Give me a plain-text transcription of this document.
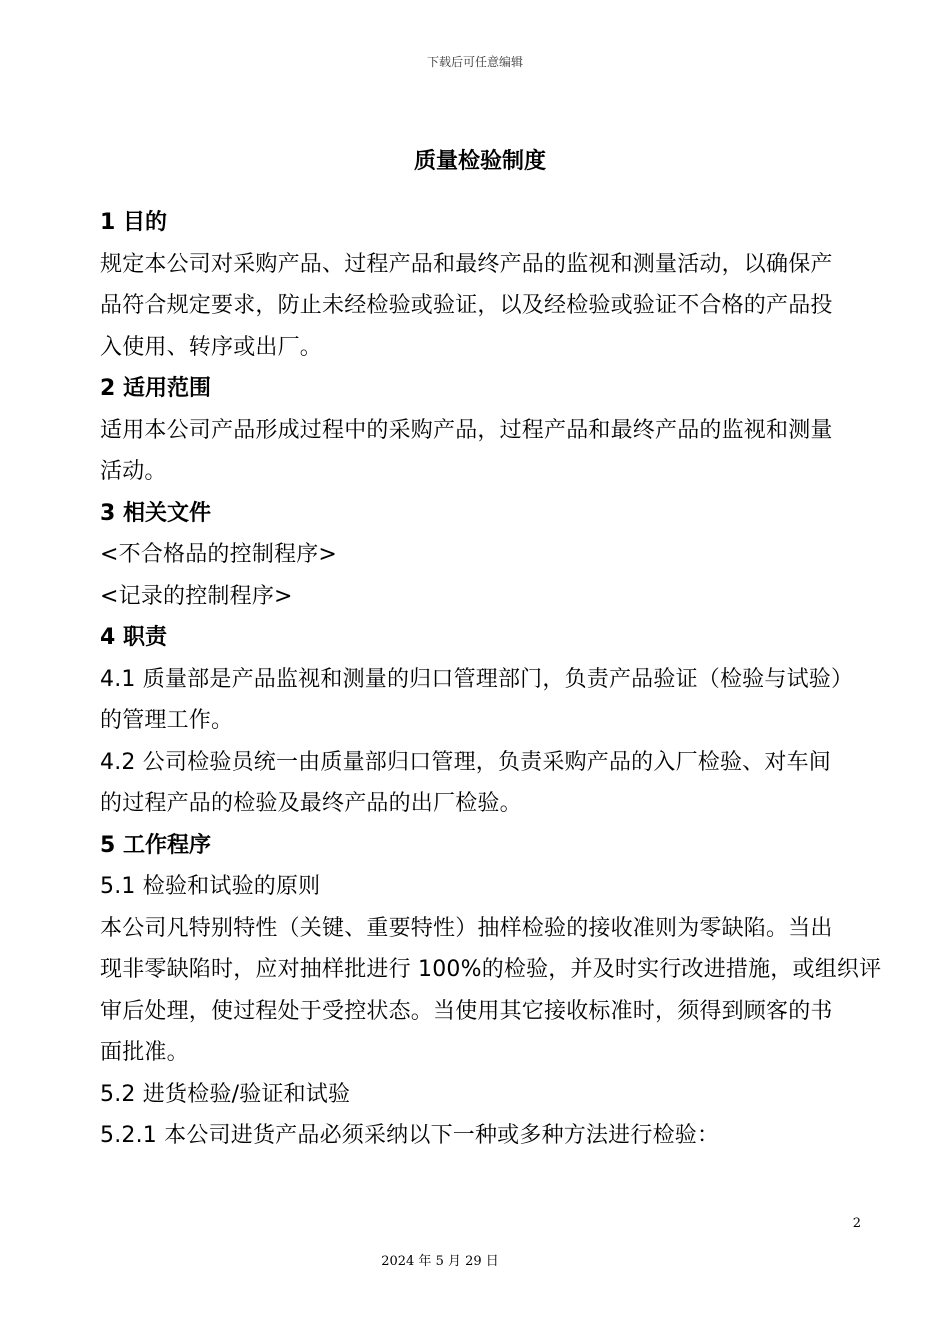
下载后可任意编辑
质量检验制度
1 目的
规定本公司对采购产品、过程产品和最终产品的监视和测量活动，以确保产
品符合规定要求，防止未经检验或验证，以及经检验或验证不合格的产品投
入使用、转序或出厂。
2 适用范围
适用本公司产品形成过程中的采购产品，过程产品和最终产品的监视和测量
活动。
3 相关文件
<不合格品的控制程序>
<记录的控制程序>
4 职责
4.1 质量部是产品监视和测量的归口管理部门，负责产品验证（检验与试验）
的管理工作。
4.2 公司检验员统一由质量部归口管理，负责采购产品的入厂检验、对车间
的过程产品的检验及最终产品的出厂检验。
5 工作程序
5.1 检验和试验的原则
本公司凡特别特性（关键、重要特性）抽样检验的接收准则为零缺陷。当出
现非零缺陷时，应对抽样批进行 100%的检验，并及时实行改进措施，或组织评
审后处理，使过程处于受控状态。当使用其它接收标准时，须得到顾客的书
面批准。
5.2 进货检验/验证和试验
5.2.1 本公司进货产品必须采纳以下一种或多种方法进行检验：
2
2024 年 5 月 29 日
